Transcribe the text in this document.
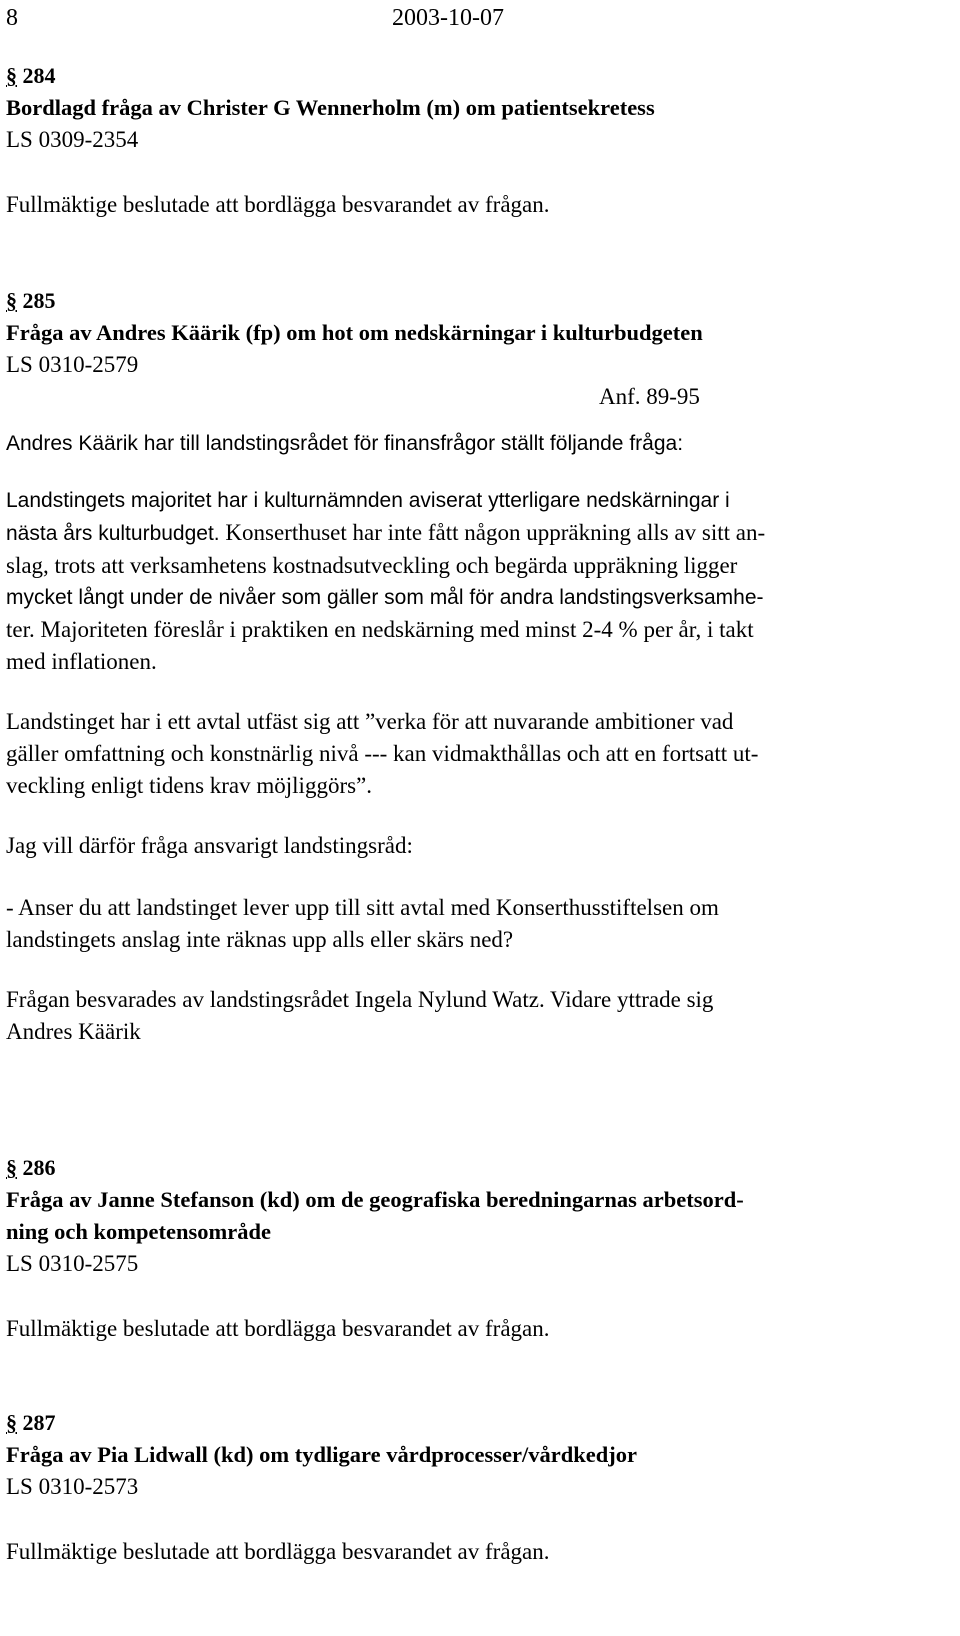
8	2003-10-07
§ 284
Bordlagd fråga av Christer G Wennerholm (m) om patientsekretess
LS 0309-2354
Fullmäktige beslutade att bordlägga besvarandet av frågan.
§ 285
Fråga av Andres Käärik (fp) om hot om nedskärningar i kulturbudgeten
LS 0310-2579
Anf. 89-95
Andres Käärik har till landstingsrådet för finansfrågor ställt följande fråga:
Landstingets majoritet har i kulturnämnden aviserat ytterligare nedskärningar i
nästa års kulturbudget. Konserthuset har inte fått någon uppräkning alls av sitt an-
slag, trots att verksamhetens kostnadsutveckling och begärda uppräkning ligger
mycket långt under de nivåer som gäller som mål för andra landstingsverksamhe-
ter. Majoriteten föreslår i praktiken en nedskärning med minst 2-4 % per år, i takt
med inflationen.
Landstinget har i ett avtal utfäst sig att ”verka för att nuvarande ambitioner vad
gäller omfattning och konstnärlig nivå --- kan vidmakthållas och att en fortsatt ut-
veckling enligt tidens krav möjliggörs”.
Jag vill därför fråga ansvarigt landstingsråd:
- Anser du att landstinget lever upp till sitt avtal med Konserthusstiftelsen om
landstingets anslag inte räknas upp alls eller skärs ned?
Frågan besvarades av landstingsrådet Ingela Nylund Watz. Vidare yttrade sig
Andres Käärik
§ 286
Fråga av Janne Stefanson (kd) om de geografiska beredningarnas arbetsord-
ning och kompetensområde
LS 0310-2575
Fullmäktige beslutade att bordlägga besvarandet av frågan.
§ 287
Fråga av Pia Lidwall (kd) om tydligare vårdprocesser/vårdkedjor
LS 0310-2573
Fullmäktige beslutade att bordlägga besvarandet av frågan.
